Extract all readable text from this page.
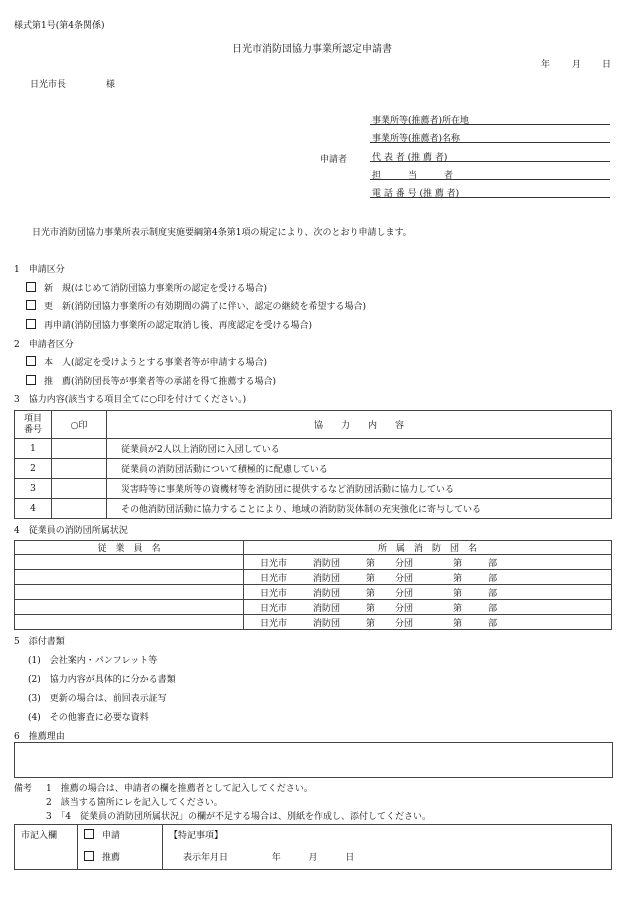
様式第1号(第4条関係)
日光市消防団協力事業所認定申請書
年 月 日
日光市長	様
申請者
事業所等(推薦者)所在地
事業所等(推薦者)名称
代 表 者 (推 薦 者)
担　　　当　　　者
電 話 番 号 (推 薦 者)
日光市消防団協力事業所表示制度実施要綱第4条第1項の規定により、次のとおり申請します。
1　申請区分
新　規(はじめて消防団協力事業所の認定を受ける場合)
更　新(消防団協力事業所の有効期間の満了に伴い、認定の継続を希望する場合)
再申請(消防団協力事業所の認定取消し後、再度認定を受ける場合)
2　申請者区分
本　人(認定を受けようとする事業者等が申請する場合)
推　薦(消防団長等が事業者等の承諾を得て推薦する場合)
3　協力内容(該当する項目全てに○印を付けてください。)
項目番号	○印	協　　力　　内　　容
1		従業員が2人以上消防団に入団している
2		従業員の消防団活動について積極的に配慮している
3		災害時等に事業所等の資機材等を消防団に提供するなど消防団活動に協力している
4		その他消防団活動に協力することにより、地域の消防防災体制の充実強化に寄与している
4　従業員の消防団所属状況
従　業　員　名	所　属　消　防　団　名
	日光市 消防団 第 分団 第 部
	日光市 消防団 第 分団 第 部
	日光市 消防団 第 分団 第 部
	日光市 消防団 第 分団 第 部
	日光市 消防団 第 分団 第 部
5　添付書類
(1)　会社案内・パンフレット等
(2)　協力内容が具体的に分かる書類
(3)　更新の場合は、前回表示証写
(4)　その他審査に必要な資料
6　推薦理由
備考 1　推薦の場合は、申請者の欄を推薦者として記入してください。
2　該当する箇所にレを記入してください。
3　「4　従業員の消防団所属状況」の欄が不足する場合は、別紙を作成し、添付してください。
市記入欄	申請	【特記事項】
	推薦	表示年月日 年 月 日
